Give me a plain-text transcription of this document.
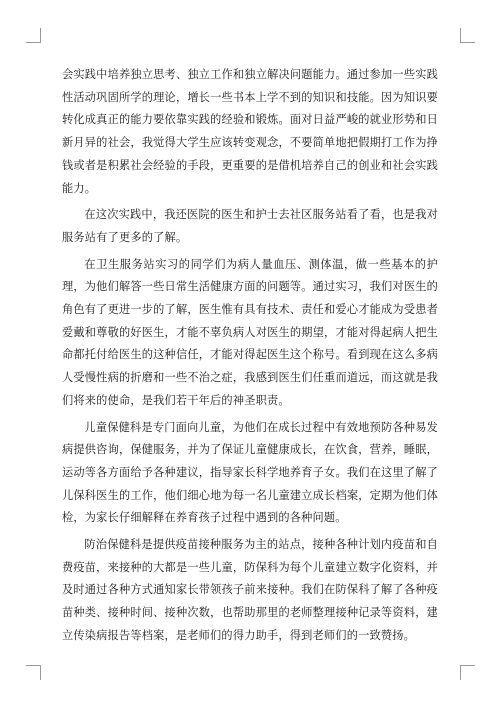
会实践中培养独立思考、独立工作和独立解决问题能力。通过参加一些实践性活动巩固所学的理论，增长一些书本上学不到的知识和技能。因为知识要转化成真正的能力要依靠实践的经验和锻炼。面对日益严峻的就业形势和日新月异的社会，我觉得大学生应该转变观念，不要简单地把假期打工作为挣钱或者是积累社会经验的手段，更重要的是借机培养自己的创业和社会实践能力。

在这次实践中，我还医院的医生和护士去社区服务站看了看，也是我对服务站有了更多的了解。

在卫生服务站实习的同学们为病人量血压、测体温，做一些基本的护理，为他们解答一些日常生活健康方面的问题等。通过实习，我们对医生的角色有了更进一步的了解，医生惟有具有技术、责任和爱心才能成为受患者爱戴和尊敬的好医生，才能不辜负病人对医生的期望，才能对得起病人把生命都托付给医生的这种信任，才能对得起医生这个称号。看到现在这么多病人受慢性病的折磨和一些不治之症，我感到医生们任重而道远，而这就是我们将来的使命，是我们若干年后的神圣职责。

儿童保健科是专门面向儿童，为他们在成长过程中有效地预防各种易发病提供咨询，保健服务，并为了保证儿童健康成长，在饮食，营养，睡眠，运动等各方面给予各种建议，指导家长科学地养育子女。我们在这里了解了儿保科医生的工作，他们细心地为每一名儿童建立成长档案，定期为他们体检，为家长仔细解释在养育孩子过程中遇到的各种问题。

防治保健科是提供疫苗接种服务为主的站点，接种各种计划内疫苗和自费疫苗，来接种的大都是一些儿童，防保科为每个儿童建立数字化资料，并及时通过各种方式通知家长带领孩子前来接种。我们在防保科了解了各种疫苗种类、接种时间、接种次数，也帮助那里的老师整理接种记录等资料，建立传染病报告等档案，是老师们的得力助手，得到老师们的一致赞扬。
